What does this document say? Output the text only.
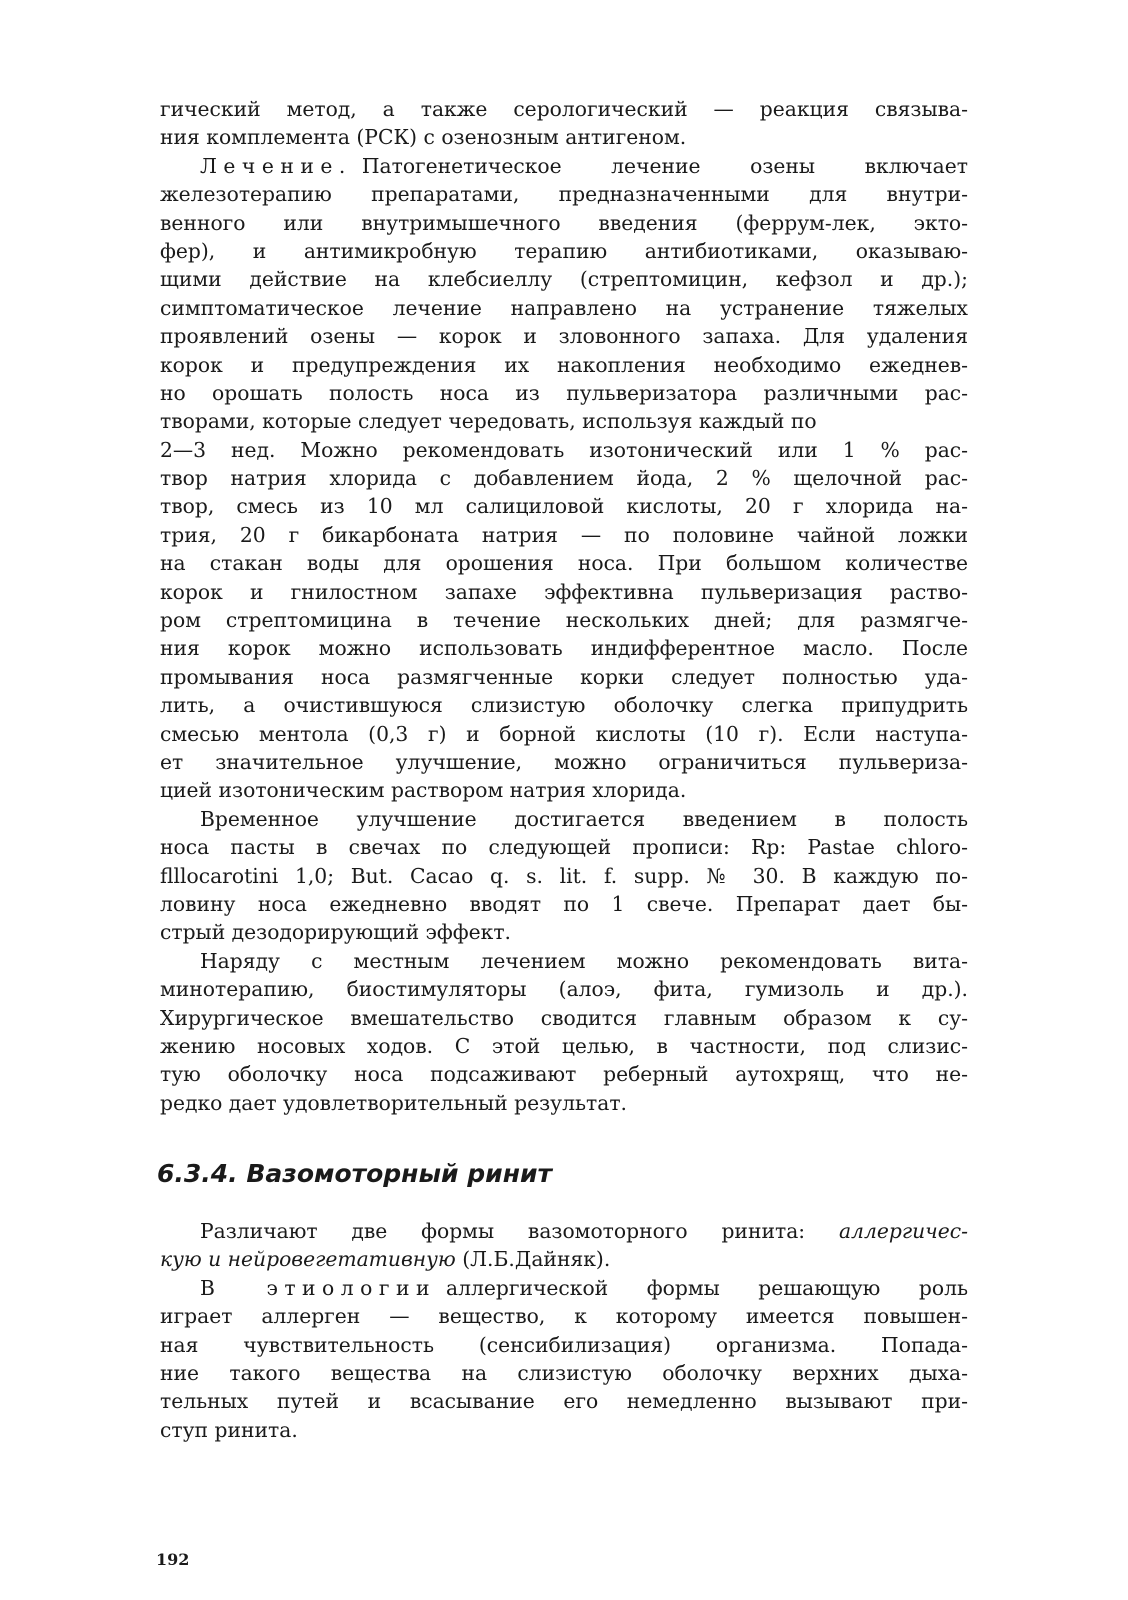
гический метод, а также серологический — реакция связыва-
ния комплемента (РСК) с озенозным антигеном.
Лечение. Патогенетическое лечение озены включает
железотерапию препаратами, предназначенными для внутри-
венного или внутримышечного введения (феррум-лек, экто-
фер), и антимикробную терапию антибиотиками, оказываю-
щими действие на клебсиеллу (стрептомицин, кефзол и др.);
симптоматическое лечение направлено на устранение тяжелых
проявлений озены — корок и зловонного запаха. Для удаления
корок и предупреждения их накопления необходимо ежеднев-
но орошать полость носа из пульверизатора различными рас-
творами, которые следует чередовать, используя каждый по
2—3 нед. Можно рекомендовать изотонический или 1 % рас-
твор натрия хлорида с добавлением йода, 2 % щелочной рас-
твор, смесь из 10 мл салициловой кислоты, 20 г хлорида на-
трия, 20 г бикарбоната натрия — по половине чайной ложки
на стакан воды для орошения носа. При большом количестве
корок и гнилостном запахе эффективна пульверизация раство-
ром стрептомицина в течение нескольких дней; для размягче-
ния корок можно использовать индифферентное масло. После
промывания носа размягченные корки следует полностью уда-
лить, а очистившуюся слизистую оболочку слегка припудрить
смесью ментола (0,3 г) и борной кислоты (10 г). Если наступа-
ет значительное улучшение, можно ограничиться пульвериза-
цией изотоническим раствором натрия хлорида.
Временное улучшение достигается введением в полость
носа пасты в свечах по следующей прописи: Rp: Pastae chloro-
flllocarotini 1,0; But. Cacao q. s. lit. f. supp. № 30. В каждую по-
ловину носа ежедневно вводят по 1 свече. Препарат дает бы-
стрый дезодорирующий эффект.
Наряду с местным лечением можно рекомендовать вита-
минотерапию, биостимуляторы (алоэ, фита, гумизоль и др.).
Хирургическое вмешательство сводится главным образом к су-
жению носовых ходов. С этой целью, в частности, под слизис-
тую оболочку носа подсаживают реберный аутохрящ, что не-
редко дает удовлетворительный результат.
6.3.4. Вазомоторный ринит
Различают две формы вазомоторного ринита: аллергичес-
кую и нейровегетативную (Л.Б.Дайняк).
В этиологии аллергической формы решающую роль
играет аллерген — вещество, к которому имеется повышен-
ная чувствительность (сенсибилизация) организма. Попада-
ние такого вещества на слизистую оболочку верхних дыха-
тельных путей и всасывание его немедленно вызывают при-
ступ ринита.

192
